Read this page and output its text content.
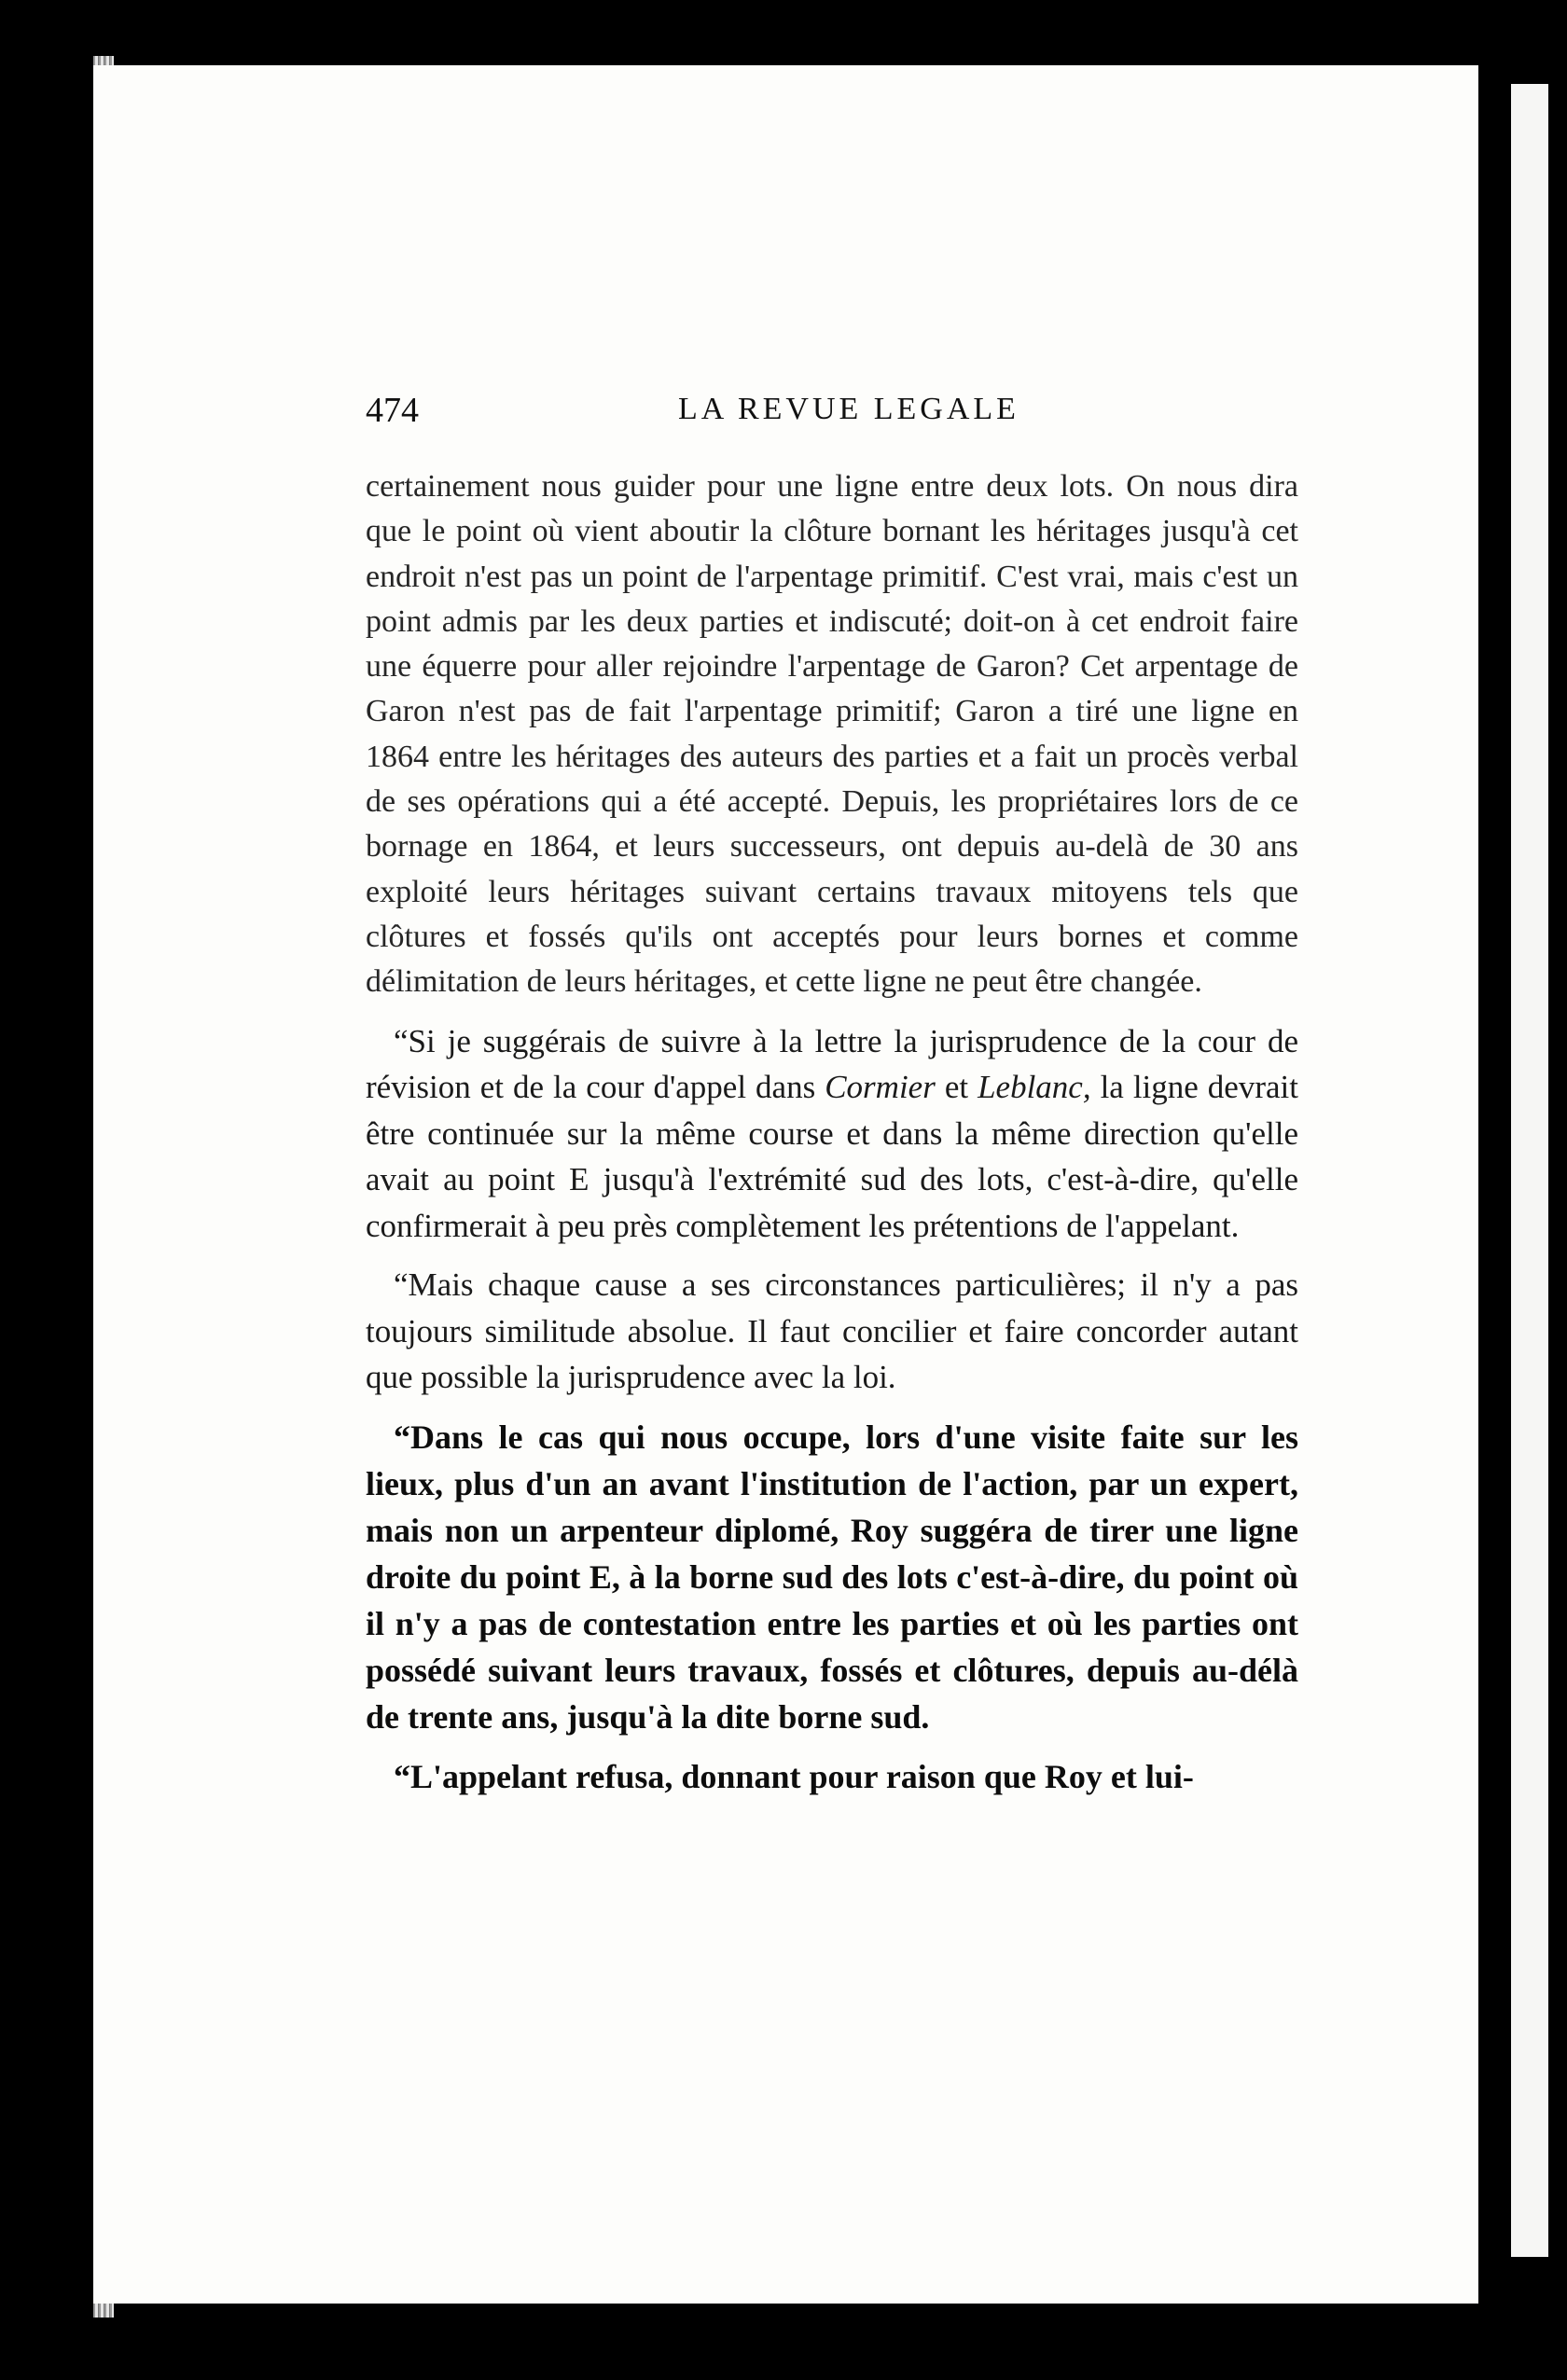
474	LA REVUE LEGALE

certainement nous guider pour une ligne entre deux lots. On nous dira que le point où vient aboutir la clôture bornant les héritages jusqu'à cet endroit n'est pas un point de l'arpentage primitif. C'est vrai, mais c'est un point admis par les deux parties et indiscuté; doit-on à cet endroit faire une équerre pour aller rejoindre l'arpentage de Garon? Cet arpentage de Garon n'est pas de fait l'arpentage primitif; Garon a tiré une ligne en 1864 entre les héritages des auteurs des parties et a fait un procès verbal de ses opérations qui a été accepté. Depuis, les propriétaires lors de ce bornage en 1864, et leurs successeurs, ont depuis au-delà de 30 ans exploité leurs héritages suivant certains travaux mitoyens tels que clôtures et fossés qu'ils ont acceptés pour leurs bornes et comme délimitation de leurs héritages, et cette ligne ne peut être changée.

“Si je suggérais de suivre à la lettre la jurisprudence de la cour de révision et de la cour d'appel dans Cormier et Leblanc, la ligne devrait être continuée sur la même course et dans la même direction qu'elle avait au point E jusqu'à l'extrémité sud des lots, c'est-à-dire, qu'elle confirmerait à peu près complètement les prétentions de l'appelant.

“Mais chaque cause a ses circonstances particulières; il n'y a pas toujours similitude absolue. Il faut concilier et faire concorder autant que possible la jurisprudence avec la loi.

“Dans le cas qui nous occupe, lors d'une visite faite sur les lieux, plus d'un an avant l'institution de l'action, par un expert, mais non un arpenteur diplomé, Roy suggéra de tirer une ligne droite du point E, à la borne sud des lots c'est-à-dire, du point où il n'y a pas de contestation entre les parties et où les parties ont possédé suivant leurs travaux, fossés et clôtures, depuis au-délà de trente ans, jusqu'à la dite borne sud.

“L'appelant refusa, donnant pour raison que Roy et lui-
